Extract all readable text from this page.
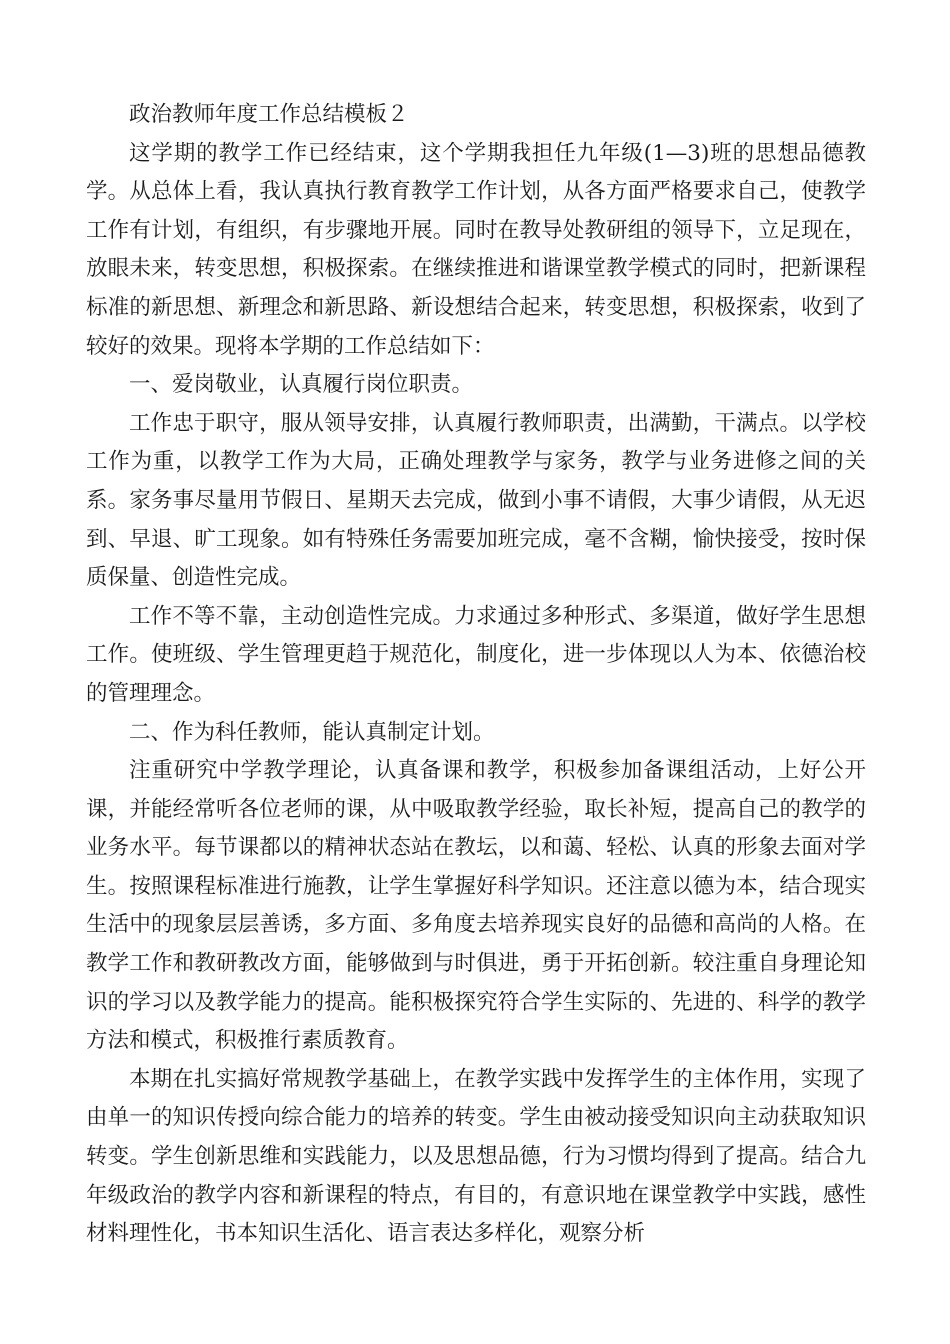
政治教师年度工作总结模板２

这学期的教学工作已经结束，这个学期我担任九年级(1—3)班的思想品德教学。从总体上看，我认真执行教育教学工作计划，从各方面严格要求自己，使教学工作有计划，有组织，有步骤地开展。同时在教导处教研组的领导下，立足现在，放眼未来，转变思想，积极探索。在继续推进和谐课堂教学模式的同时，把新课程标准的新思想、新理念和新思路、新设想结合起来，转变思想，积极探索，收到了较好的效果。现将本学期的工作总结如下：

一、爱岗敬业，认真履行岗位职责。

工作忠于职守，服从领导安排，认真履行教师职责，出满勤，干满点。以学校工作为重，以教学工作为大局，正确处理教学与家务，教学与业务进修之间的关系。家务事尽量用节假日、星期天去完成，做到小事不请假，大事少请假，从无迟到、早退、旷工现象。如有特殊任务需要加班完成，毫不含糊，愉快接受，按时保质保量、创造性完成。

工作不等不靠，主动创造性完成。力求通过多种形式、多渠道，做好学生思想工作。使班级、学生管理更趋于规范化，制度化，进一步体现以人为本、依德治校的管理理念。

二、作为科任教师，能认真制定计划。

注重研究中学教学理论，认真备课和教学，积极参加备课组活动，上好公开课，并能经常听各位老师的课，从中吸取教学经验，取长补短，提高自己的教学的业务水平。每节课都以的精神状态站在教坛，以和蔼、轻松、认真的形象去面对学生。按照课程标准进行施教，让学生掌握好科学知识。还注意以德为本，结合现实生活中的现象层层善诱，多方面、多角度去培养现实良好的品德和高尚的人格。在教学工作和教研教改方面，能够做到与时俱进，勇于开拓创新。较注重自身理论知识的学习以及教学能力的提高。能积极探究符合学生实际的、先进的、科学的教学方法和模式，积极推行素质教育。

本期在扎实搞好常规教学基础上，在教学实践中发挥学生的主体作用，实现了由单一的知识传授向综合能力的培养的转变。学生由被动接受知识向主动获取知识转变。学生创新思维和实践能力，以及思想品德，行为习惯均得到了提高。结合九年级政治的教学内容和新课程的特点，有目的，有意识地在课堂教学中实践，感性材料理性化，书本知识生活化、语言表达多样化，观察分析
